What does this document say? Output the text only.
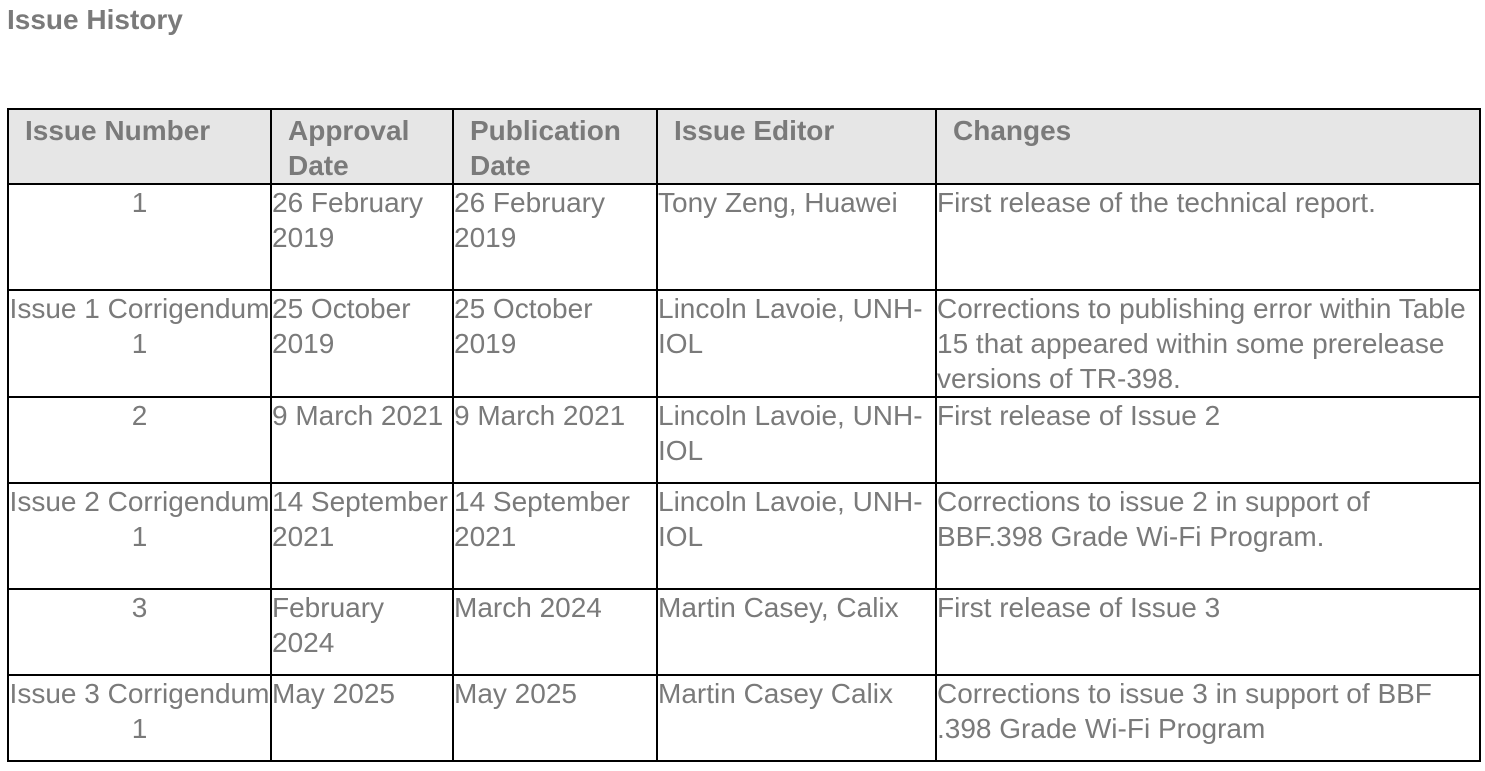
Issue History
Issue Number	Approval Date	Publication Date	Issue Editor	Changes
1	26 February 2019	26 February 2019	Tony Zeng, Huawei	First release of the technical report.
Issue 1 Corrigendum 1	25 October 2019	25 October 2019	Lincoln Lavoie, UNH-IOL	Corrections to publishing error within Table 15 that appeared within some prerelease versions of TR-398.
2	9 March 2021	9 March 2021	Lincoln Lavoie, UNH-IOL	First release of Issue 2
Issue 2 Corrigendum 1	14 September 2021	14 September 2021	Lincoln Lavoie, UNH-IOL	Corrections to issue 2 in support of BBF.398 Grade Wi-Fi Program.
3	February 2024	March 2024	Martin Casey, Calix	First release of Issue 3
Issue 3 Corrigendum 1	May 2025	May 2025	Martin Casey Calix	Corrections to issue 3 in support of BBF .398 Grade Wi-Fi Program
